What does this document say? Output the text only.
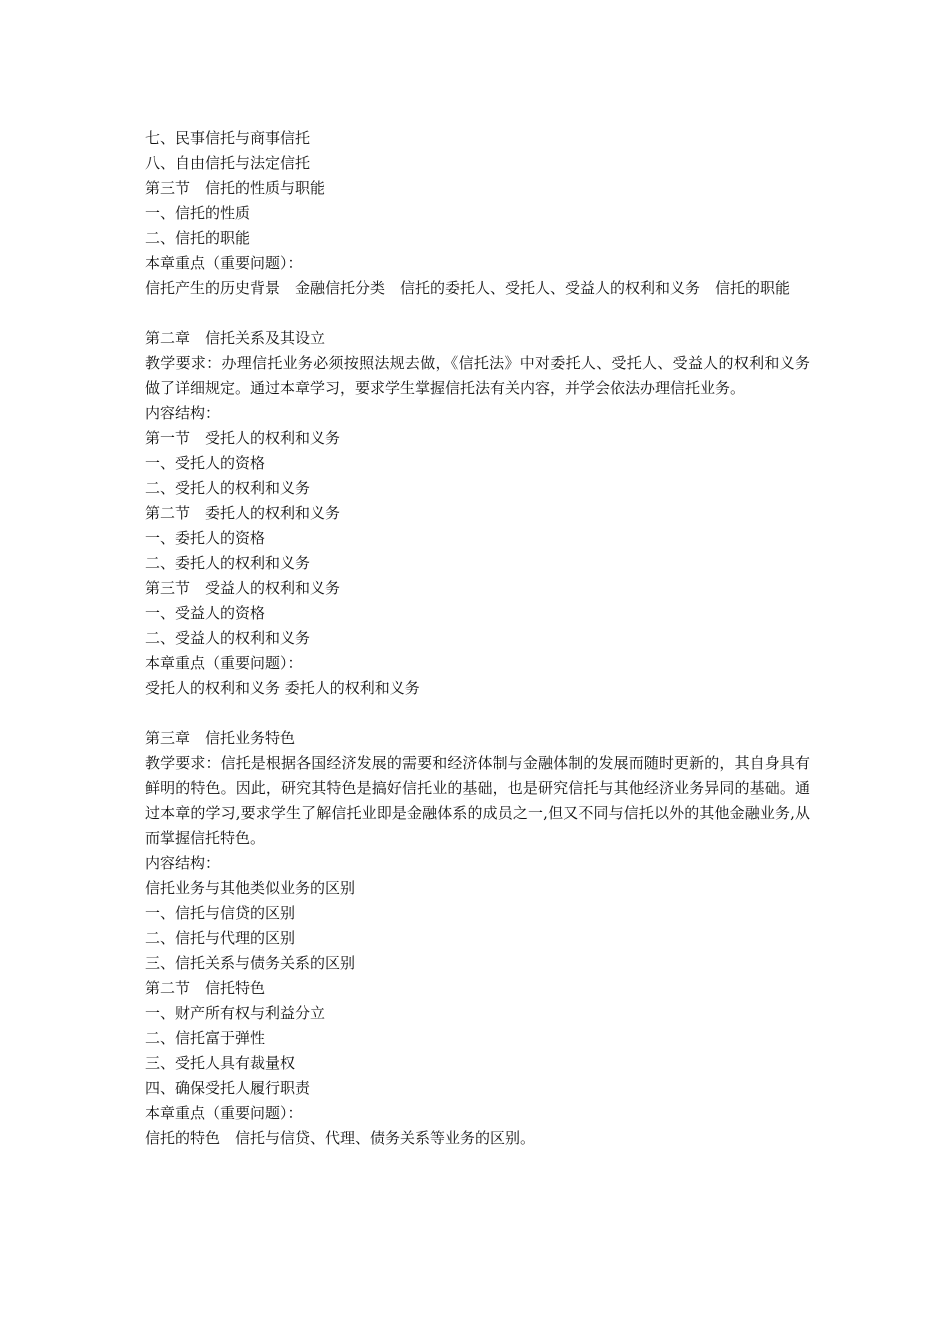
七、民事信托与商事信托

八、自由信托与法定信托

第三节　信托的性质与职能

一、信托的性质

二、信托的职能

本章重点（重要问题）：

信托产生的历史背景　金融信托分类　信托的委托人、受托人、受益人的权利和义务　信托的职能

第二章　信托关系及其设立

教学要求：办理信托业务必须按照法规去做，《信托法》中对委托人、受托人、受益人的权利和义务做了详细规定。通过本章学习，要求学生掌握信托法有关内容，并学会依法办理信托业务。

内容结构：

第一节　受托人的权利和义务

一、受托人的资格

二、受托人的权利和义务

第二节　委托人的权利和义务

一、委托人的资格

二、委托人的权利和义务

第三节　受益人的权利和义务

一、受益人的资格

二、受益人的权利和义务

本章重点（重要问题）：

受托人的权利和义务 委托人的权利和义务

第三章　信托业务特色

教学要求：信托是根据各国经济发展的需要和经济体制与金融体制的发展而随时更新的，其自身具有鲜明的特色。因此，研究其特色是搞好信托业的基础，也是研究信托与其他经济业务异同的基础。通过本章的学习,要求学生了解信托业即是金融体系的成员之一,但又不同与信托以外的其他金融业务,从而掌握信托特色。

内容结构：

信托业务与其他类似业务的区别

一、信托与信贷的区别

二、信托与代理的区别

三、信托关系与债务关系的区别

第二节　信托特色

一、财产所有权与利益分立

二、信托富于弹性

三、受托人具有裁量权

四、确保受托人履行职责

本章重点（重要问题）：

信托的特色　信托与信贷、代理、债务关系等业务的区别。
